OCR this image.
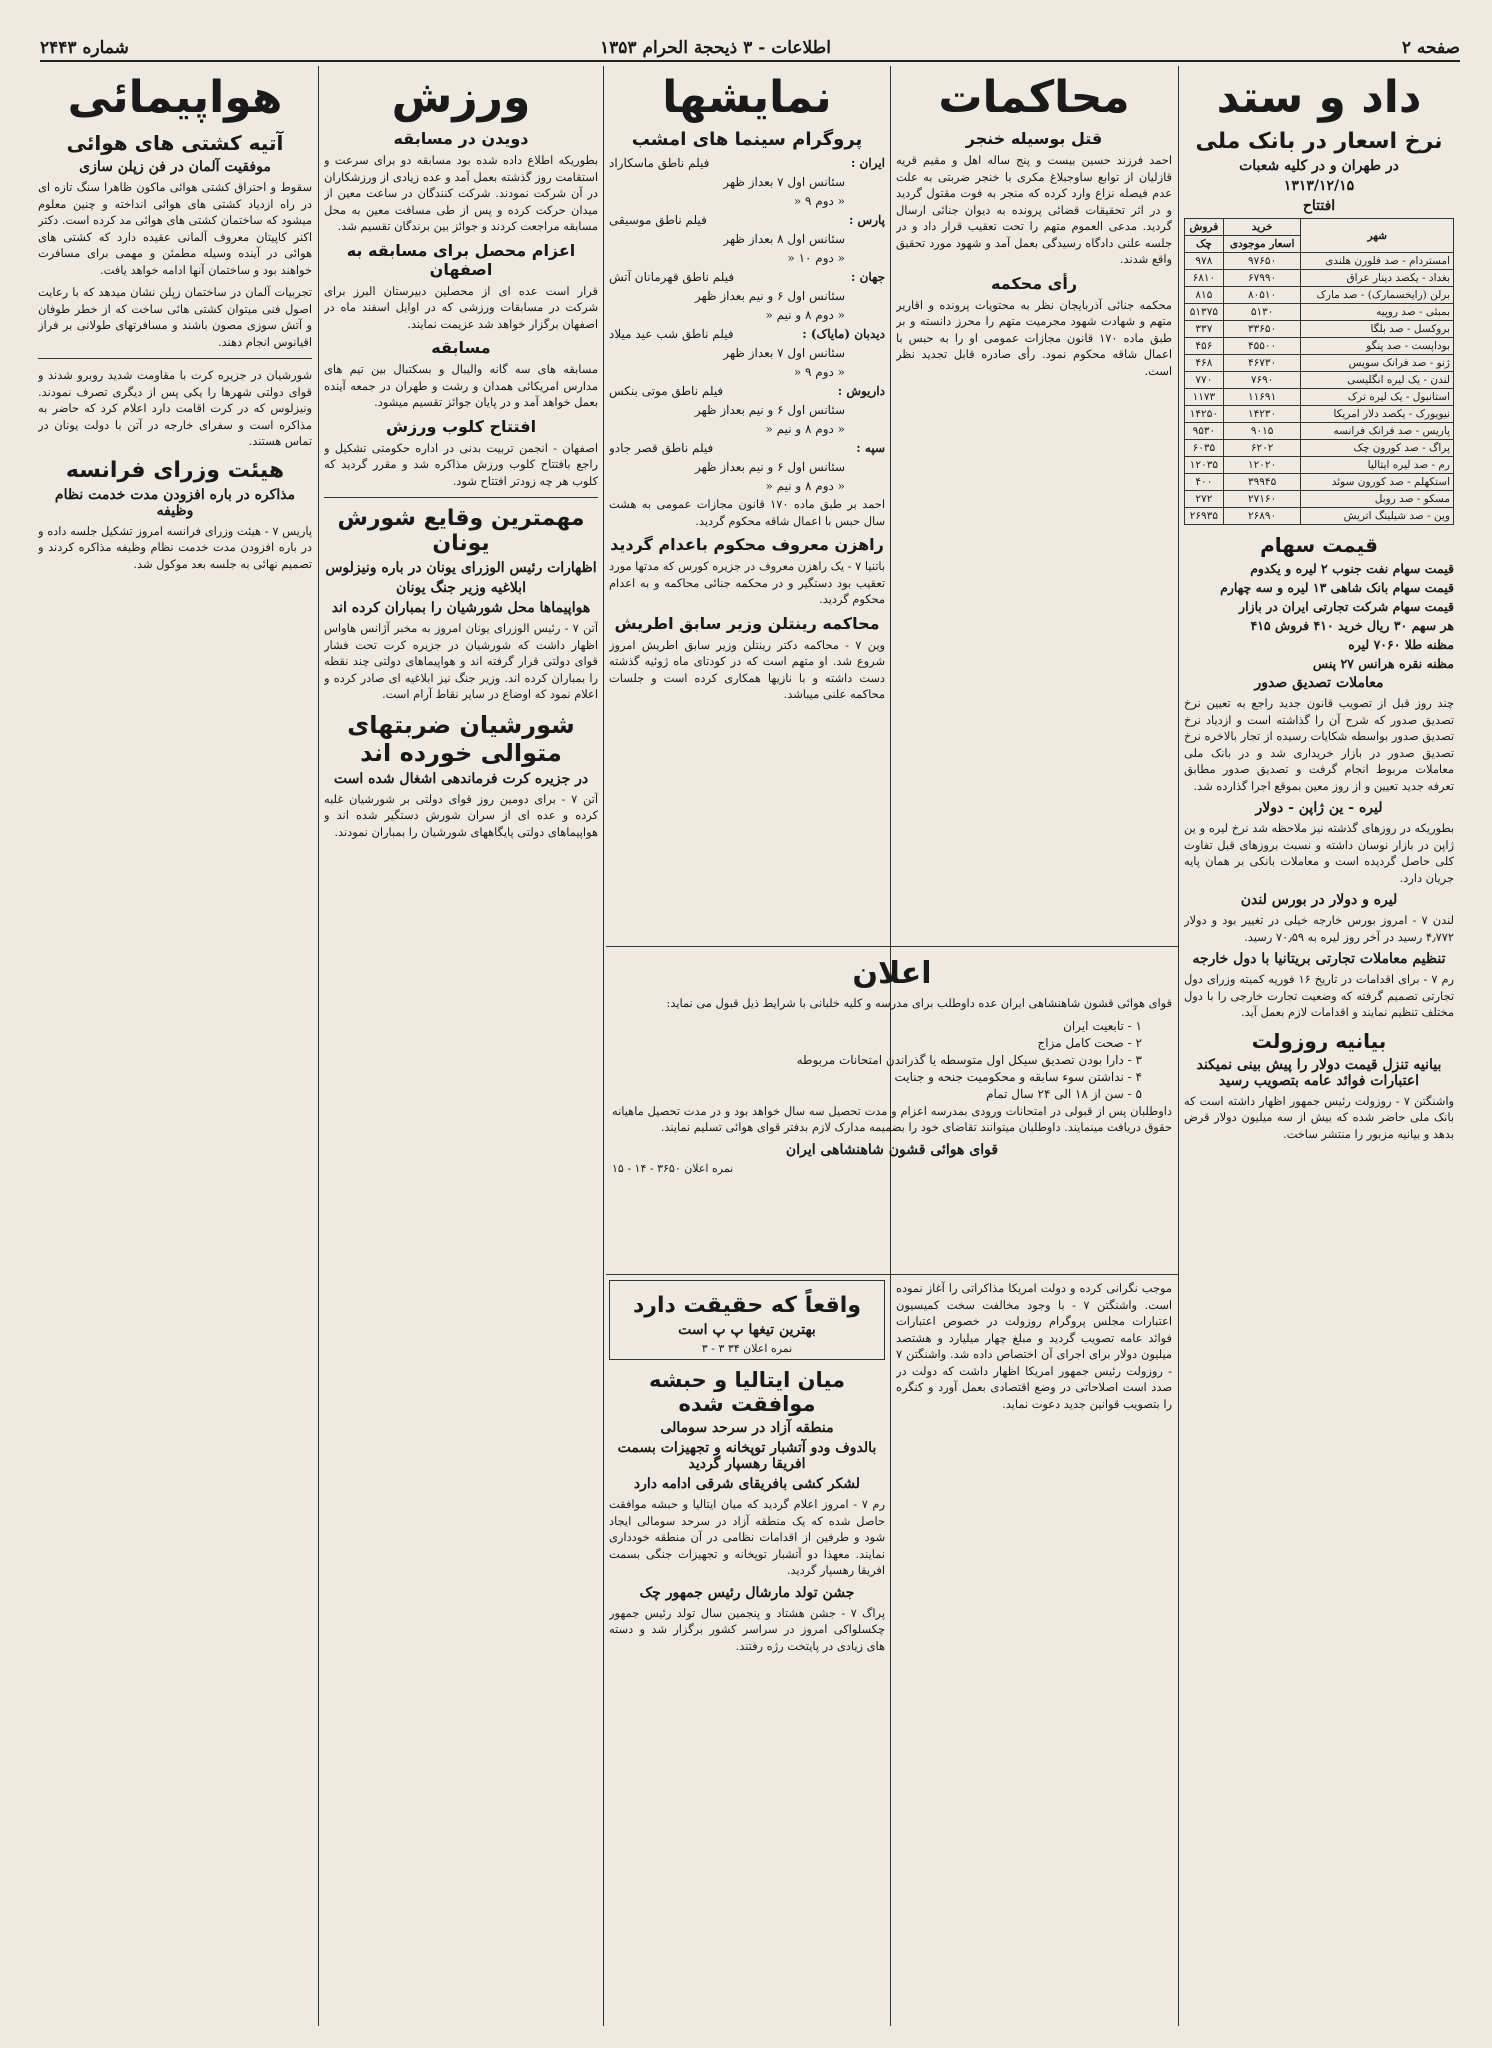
صفحه ۲
اطلاعات - ۳ ذیحجة الحرام ۱۳۵۳
شماره ۲۴۴۳
داد و ستد
نرخ اسعار در بانک ملی
در طهران و در کلیه شعبات
۱۳۱۳/۱۲/۱۵
افتتاح
شهر	خرید	فروش
	اسعار موجودی	چک
امستردام - صد فلورن هلندی	۹۷۶۵۰	۹۷۸
بغداد - یکصد دینار عراق	۶۷۹۹۰	۶۸۱۰
برلن (رایخسمارک) - صد مارک	۸۰۵۱۰	۸۱۵
بمبئی - صد روپیه	۵۱۳۰	۵۱۳۷۵
بروکسل - صد بلگا	۳۳۶۵۰	۳۳۷
بوداپست - صد پنگو	۴۵۵۰۰	۴۵۶
ژنو - صد فرانک سویس	۴۶۷۳۰	۴۶۸
لندن - یک لیره انگلیسی	۷۶۹۰	۷۷۰
استانبول - یک لیره ترک	۱۱۶۹۱	۱۱۷۳
نیویورک - یکصد دلار امریکا	۱۴۲۳۰	۱۴۲۵۰
پاریس - صد فرانک فرانسه	۹۰۱۵	۹۵۳۰
پراگ - صد کورون چک	۶۲۰۲	۶۰۳۵
رم - صد لیره ایتالیا	۱۲۰۲۰	۱۲۰۳۵
استکهلم - صد کورون سوئد	۳۹۹۴۵	۴۰۰
مسکو - صد روبل	۲۷۱۶۰	۲۷۲
وین - صد شیلینگ اتریش	۲۶۸۹۰	۲۶۹۳۵
قیمت سهام
قیمت سهام نفت جنوب ۲ لیره و یکدوم
قیمت سهام بانک شاهی ۱۳ لیره و سه چهارم
قیمت سهام شرکت تجارتی ایران در بازار
هر سهم ۳۰ ریال خرید ۴۱۰ فروش ۴۱۵
مظنه طلا ۷۰۶۰ لیره
مظنه نقره هرانس ۲۷ پنس
معاملات تصدیق صدور

چند روز قبل از تصویب قانون جدید راجع به تعیین نرخ تصدیق صدور که شرح آن را گذاشته است و ازدیاد نرخ تصدیق صدور بواسطه شکایات رسیده از تجار بالاخره نرخ تصدیق صدور در بازار خریداری شد و در بانک ملی معاملات مربوط انجام گرفت و تصدیق صدور مطابق تعرفه جدید تعیین و از روز معین بموقع اجرا گذارده شد.

لیره - ین ژاپن - دولار

بطوریکه در روزهای گذشته نیز ملاحظه شد نرخ لیره و ین ژاپن در بازار نوسان داشته و نسبت بروزهای قبل تفاوت کلی حاصل گردیده است و معاملات بانکی بر همان پایه جریان دارد.

لیره و دولار در بورس لندن

لندن ۷ - امروز بورس خارجه خیلی در تغییر بود و دولار ۴٫۷۷۲ رسید در آخر روز لیره به ۷۰٫۵۹ رسید.

تنظیم معاملات تجارتی بریتانیا با دول خارجه

رم ۷ - برای اقدامات در تاریخ ۱۶ فوریه کمیته وزرای دول تجارتی تصمیم گرفته که وضعیت تجارت خارجی را با دول مختلف تنظیم نمایند و اقدامات لازم بعمل آید.

بیانیه روزولت
بیانیه تنزل قیمت دولار را پیش بینی نمیکند اعتبارات فوائد عامه بتصویب رسید

واشنگتن ۷ - روزولت رئیس جمهور اظهار داشته است که بانک ملی حاضر شده که بیش از سه میلیون دولار قرض بدهد و بیانیه مزبور را منتشر ساخت.

محاکمات
قتل بوسیله خنجر

احمد فرزند حسین بیست و پنج ساله اهل و مقیم قریه قازلیان از توابع ساوجبلاغ مکری با خنجر ضربتی به علت عدم فیصله نزاع وارد کرده که منجر به فوت مقتول گردید و در اثر تحقیقات قضائی پرونده به دیوان جنائی ارسال گردید. مدعی العموم متهم را تحت تعقیب قرار داد و در جلسه علنی دادگاه رسیدگی بعمل آمد و شهود مورد تحقیق واقع شدند.

رأی محکمه

محکمه جنائی آذربایجان نظر به محتویات پرونده و اقاریر متهم و شهادت شهود مجرمیت متهم را محرز دانسته و بر طبق ماده ۱۷۰ قانون مجازات عمومی او را به حبس با اعمال شاقه محکوم نمود. رأی صادره قابل تجدید نظر است.

نمایشها
پروگرام سینما های امشب
ایران :
فیلم ناطق ماسکاراد
سئانس اول ۷ بعداز ظهر
« دوم ۹ «
پارس :
فیلم ناطق موسیقی
سئانس اول ۸ بعداز ظهر
« دوم ۱۰ «
جهان :
فیلم ناطق قهرمانان آتش
سئانس اول ۶ و نیم بعداز ظهر
« دوم ۸ و نیم «
دیدبان (مایاک) :
فیلم ناطق شب عید میلاد
سئانس اول ۷ بعداز ظهر
« دوم ۹ «
داریوش :
فیلم ناطق موتی بنکس
سئانس اول ۶ و نیم بعداز ظهر
« دوم ۸ و نیم «
سپه :
فیلم ناطق قصر جادو
سئانس اول ۶ و نیم بعداز ظهر
« دوم ۸ و نیم «

احمد بر طبق ماده ۱۷۰ قانون مجازات عمومی به هشت سال حبس با اعمال شاقه محکوم گردید.

راهزن معروف محکوم باعدام گردید

باتنیا ۷ - یک راهزن معروف در جزیره کورس که مدتها مورد تعقیب بود دستگیر و در محکمه جنائی محاکمه و به اعدام محکوم گردید.

محاکمه رینتلن وزیر سابق اطریش

وین ۷ - محاکمه دکتر رینتلن وزیر سابق اطریش امروز شروع شد. او متهم است که در کودتای ماه ژوئیه گذشته دست داشته و با نازیها همکاری کرده است و جلسات محاکمه علنی میباشد.

اعلان

قوای هوائی قشون شاهنشاهی ایران عده داوطلب برای مدرسه و کلیه خلبانی با شرایط ذیل قبول می نماید:

۱ - تابعیت ایران
۲ - صحت کامل مزاج
۳ - دارا بودن تصدیق سیکل اول متوسطه یا گذراندن امتحانات مربوطه
۴ - نداشتن سوء سابقه و محکومیت جنحه و جنایت
۵ - سن از ۱۸ الی ۲۴ سال تمام

داوطلبان پس از قبولی در امتحانات ورودی بمدرسه اعزام و مدت تحصیل سه سال خواهد بود و در مدت تحصیل ماهیانه حقوق دریافت مینمایند. داوطلبان میتوانند تقاضای خود را بضمیمه مدارک لازم بدفتر قوای هوائی تسلیم نمایند.

قوای هوائی قشون شاهنشاهی ایران
نمره اعلان ۳۶۵۰ - ۱۴ - ۱۵
واقعاً که حقیقت دارد
بهترین تیغها پ پ است
نمره اعلان ۳۴ ۳ - ۳
میان ایتالیا و حبشه موافقت شده
منطقه آزاد در سرحد سومالی
بالدوف ودو آتشبار توپخانه و تجهیزات بسمت افریقا رهسپار گردید
لشکر کشی بافریقای شرقی ادامه دارد

رم ۷ - امروز اعلام گردید که میان ایتالیا و حبشه موافقت حاصل شده که یک منطقه آزاد در سرحد سومالی ایجاد شود و طرفین از اقدامات نظامی در آن منطقه خودداری نمایند. معهذا دو آتشبار توپخانه و تجهیزات جنگی بسمت افریقا رهسپار گردید.

جشن تولد مارشال رئیس جمهور چک

پراگ ۷ - جشن هشتاد و پنجمین سال تولد رئیس جمهور چکسلواکی امروز در سراسر کشور برگزار شد و دسته های زیادی در پایتخت رژه رفتند.

موجب نگرانی کرده و دولت امریکا مذاکراتی را آغاز نموده است. واشنگتن ۷ - با وجود مخالفت سخت کمیسیون اعتبارات مجلس پروگرام روزولت در خصوص اعتبارات فوائد عامه تصویب گردید و مبلغ چهار میلیارد و هشتصد میلیون دولار برای اجرای آن اختصاص داده شد. واشنگتن ۷ - روزولت رئیس جمهور امریکا اظهار داشت که دولت در صدد است اصلاحاتی در وضع اقتصادی بعمل آورد و کنگره را بتصویب قوانین جدید دعوت نماید.

ورزش
دویدن در مسابقه

بطوریکه اطلاع داده شده بود مسابقه دو برای سرعت و استقامت روز گذشته بعمل آمد و عده زیادی از ورزشکاران در آن شرکت نمودند. شرکت کنندگان در ساعت معین از میدان حرکت کرده و پس از طی مسافت معین به محل مسابقه مراجعت کردند و جوائز بین برندگان تقسیم شد.

اعزام محصل برای مسابقه به اصفهان

قرار است عده ای از محصلین دبیرستان البرز برای شرکت در مسابقات ورزشی که در اوایل اسفند ماه در اصفهان برگزار خواهد شد عزیمت نمایند.

مسابقه

مسابقه های سه گانه والیبال و بسکتبال بین تیم های مدارس امریکائی همدان و رشت و طهران در جمعه آینده بعمل خواهد آمد و در پایان جوائز تقسیم میشود.

افتتاح کلوب ورزش

اصفهان - انجمن تربیت بدنی در اداره حکومتی تشکیل و راجع بافتتاح کلوب ورزش مذاکره شد و مقرر گردید که کلوب هر چه زودتر افتتاح شود.

مهمترین وقایع شورش یونان
اظهارات رئیس الوزرای یونان در باره ونیزلوس
ابلاغیه وزیر جنگ یونان
هواپیماها محل شورشیان را بمباران کرده اند

آتن ۷ - رئیس الوزرای یونان امروز به مخبر آژانس هاواس اظهار داشت که شورشیان در جزیره کرت تحت فشار قوای دولتی قرار گرفته اند و هواپیماهای دولتی چند نقطه را بمباران کرده اند. وزیر جنگ نیز ابلاغیه ای صادر کرده و اعلام نمود که اوضاع در سایر نقاط آرام است.

شورشیان ضربتهای متوالی خورده اند
در جزیره کرت فرماندهی اشغال شده است

آتن ۷ - برای دومین روز قوای دولتی بر شورشیان غلبه کرده و عده ای از سران شورش دستگیر شده اند و هواپیماهای دولتی پایگاههای شورشیان را بمباران نمودند.

هواپیمائی
آتیه کشتی های هوائی
موفقیت آلمان در فن زپلن سازی

سقوط و احتراق کشتی هوائی ماکون ظاهرا سنگ تازه ای در راه ازدیاد کشتی های هوائی انداخته و چنین معلوم میشود که ساختمان کشتی های هوائی مد کرده است. دکتر اکنر کاپیتان معروف آلمانی عقیده دارد که کشتی های هوائی در آینده وسیله مطمئن و مهمی برای مسافرت خواهند بود و ساختمان آنها ادامه خواهد یافت.

تجربیات آلمان در ساختمان زپلن نشان میدهد که با رعایت اصول فنی میتوان کشتی هائی ساخت که از خطر طوفان و آتش سوزی مصون باشند و مسافرتهای طولانی بر فراز اقیانوس انجام دهند.

شورشیان در جزیره کرت با مقاومت شدید روبرو شدند و قوای دولتی شهرها را یکی پس از دیگری تصرف نمودند. ونیزلوس که در کرت اقامت دارد اعلام کرد که حاضر به مذاکره است و سفرای خارجه در آتن با دولت یونان در تماس هستند.

هیئت وزرای فرانسه
مذاکره در باره افزودن مدت خدمت نظام وظیفه

پاریس ۷ - هیئت وزرای فرانسه امروز تشکیل جلسه داده و در باره افزودن مدت خدمت نظام وظیفه مذاکره کردند و تصمیم نهائی به جلسه بعد موکول شد.
